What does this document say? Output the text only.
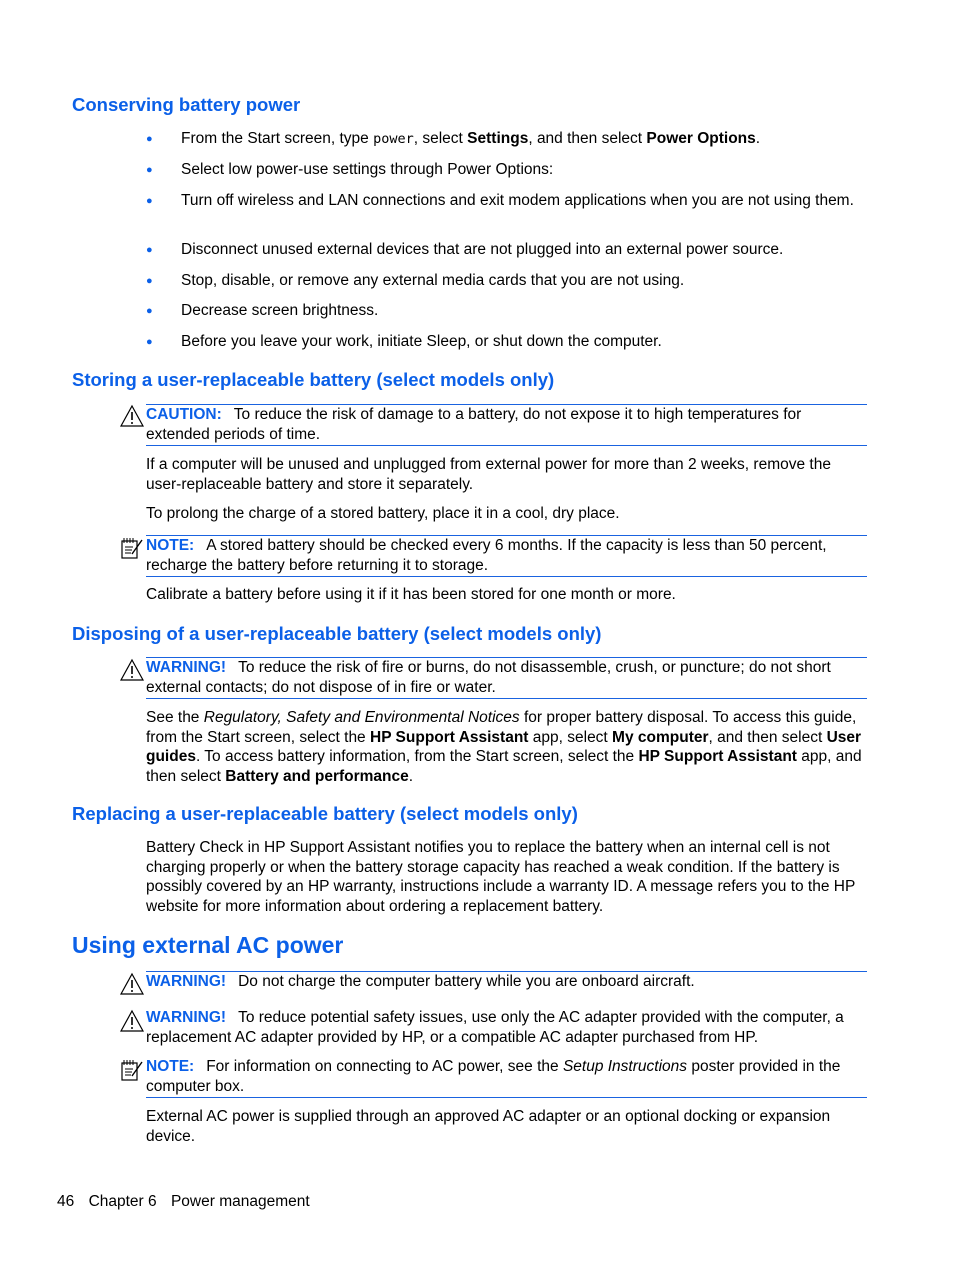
Conserving battery power
● From the Start screen, type power, select Settings, and then select Power Options.
● Select low power-use settings through Power Options:
● Turn off wireless and LAN connections and exit modem applications when you are not using them.
● Disconnect unused external devices that are not plugged into an external power source.
● Stop, disable, or remove any external media cards that you are not using.
● Decrease screen brightness.
● Before you leave your work, initiate Sleep, or shut down the computer.
Storing a user-replaceable battery (select models only)
CAUTION: To reduce the risk of damage to a battery, do not expose it to high temperatures for extended periods of time.
If a computer will be unused and unplugged from external power for more than 2 weeks, remove the user-replaceable battery and store it separately.
To prolong the charge of a stored battery, place it in a cool, dry place.
NOTE: A stored battery should be checked every 6 months. If the capacity is less than 50 percent, recharge the battery before returning it to storage.
Calibrate a battery before using it if it has been stored for one month or more.
Disposing of a user-replaceable battery (select models only)
WARNING! To reduce the risk of fire or burns, do not disassemble, crush, or puncture; do not short external contacts; do not dispose of in fire or water.
See the Regulatory, Safety and Environmental Notices for proper battery disposal. To access this guide, from the Start screen, select the HP Support Assistant app, select My computer, and then select User guides. To access battery information, from the Start screen, select the HP Support Assistant app, and then select Battery and performance.
Replacing a user-replaceable battery (select models only)
Battery Check in HP Support Assistant notifies you to replace the battery when an internal cell is not charging properly or when the battery storage capacity has reached a weak condition. If the battery is possibly covered by an HP warranty, instructions include a warranty ID. A message refers you to the HP website for more information about ordering a replacement battery.
Using external AC power
WARNING! Do not charge the computer battery while you are onboard aircraft.
WARNING! To reduce potential safety issues, use only the AC adapter provided with the computer, a replacement AC adapter provided by HP, or a compatible AC adapter purchased from HP.
NOTE: For information on connecting to AC power, see the Setup Instructions poster provided in the computer box.
External AC power is supplied through an approved AC adapter or an optional docking or expansion device.
46 Chapter 6 Power management
